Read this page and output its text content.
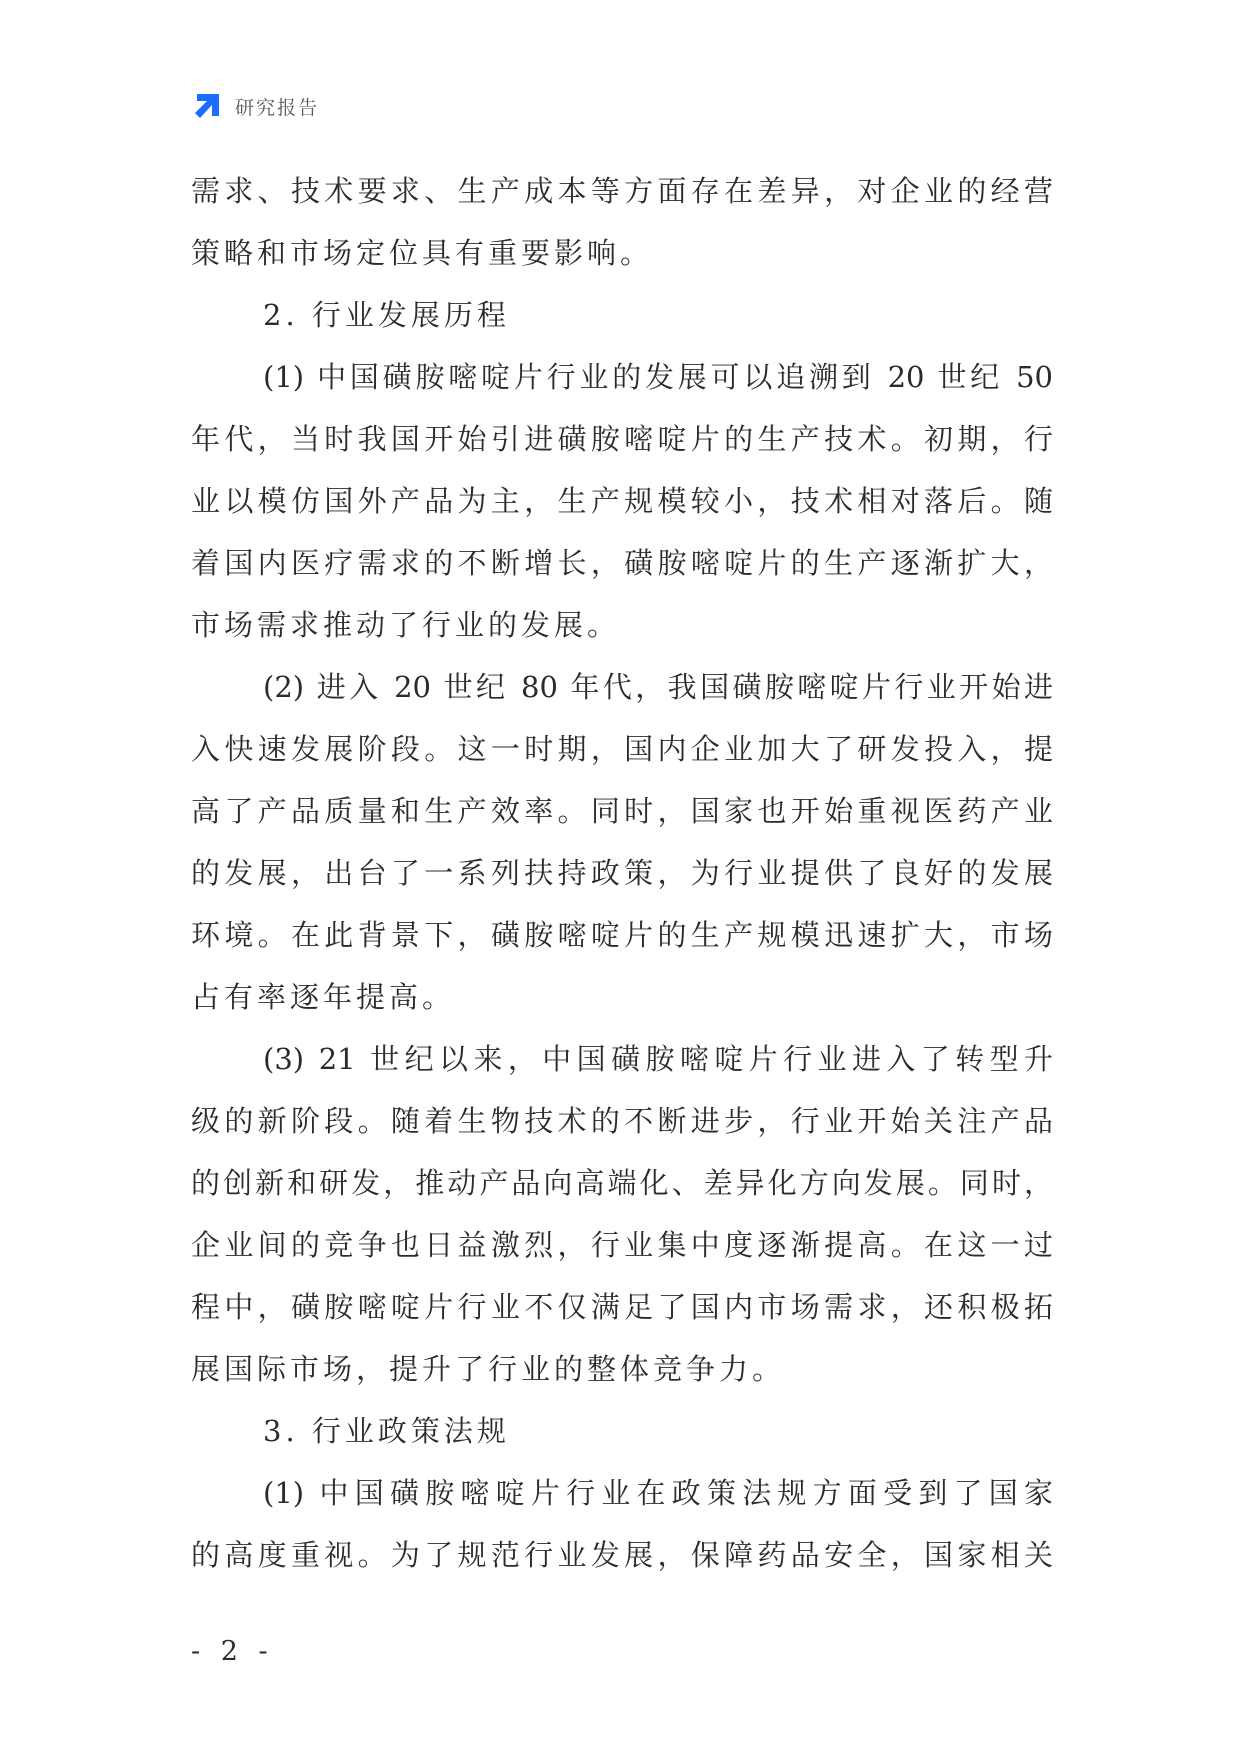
研究报告
需求、技术要求、生产成本等方面存在差异，对企业的经营
策略和市场定位具有重要影响。
2. 行业发展历程
(1) 中国磺胺嘧啶片行业的发展可以追溯到 20 世纪 50
年代，当时我国开始引进磺胺嘧啶片的生产技术。初期，行
业以模仿国外产品为主，生产规模较小，技术相对落后。随
着国内医疗需求的不断增长，磺胺嘧啶片的生产逐渐扩大，
市场需求推动了行业的发展。
(2) 进入 20 世纪 80 年代，我国磺胺嘧啶片行业开始进
入快速发展阶段。这一时期，国内企业加大了研发投入，提
高了产品质量和生产效率。同时，国家也开始重视医药产业
的发展，出台了一系列扶持政策，为行业提供了良好的发展
环境。在此背景下，磺胺嘧啶片的生产规模迅速扩大，市场
占有率逐年提高。
(3) 21 世纪以来，中国磺胺嘧啶片行业进入了转型升
级的新阶段。随着生物技术的不断进步，行业开始关注产品
的创新和研发，推动产品向高端化、差异化方向发展。同时，
企业间的竞争也日益激烈，行业集中度逐渐提高。在这一过
程中，磺胺嘧啶片行业不仅满足了国内市场需求，还积极拓
展国际市场，提升了行业的整体竞争力。
3. 行业政策法规
(1) 中国磺胺嘧啶片行业在政策法规方面受到了国家
的高度重视。为了规范行业发展，保障药品安全，国家相关
- 2 -
